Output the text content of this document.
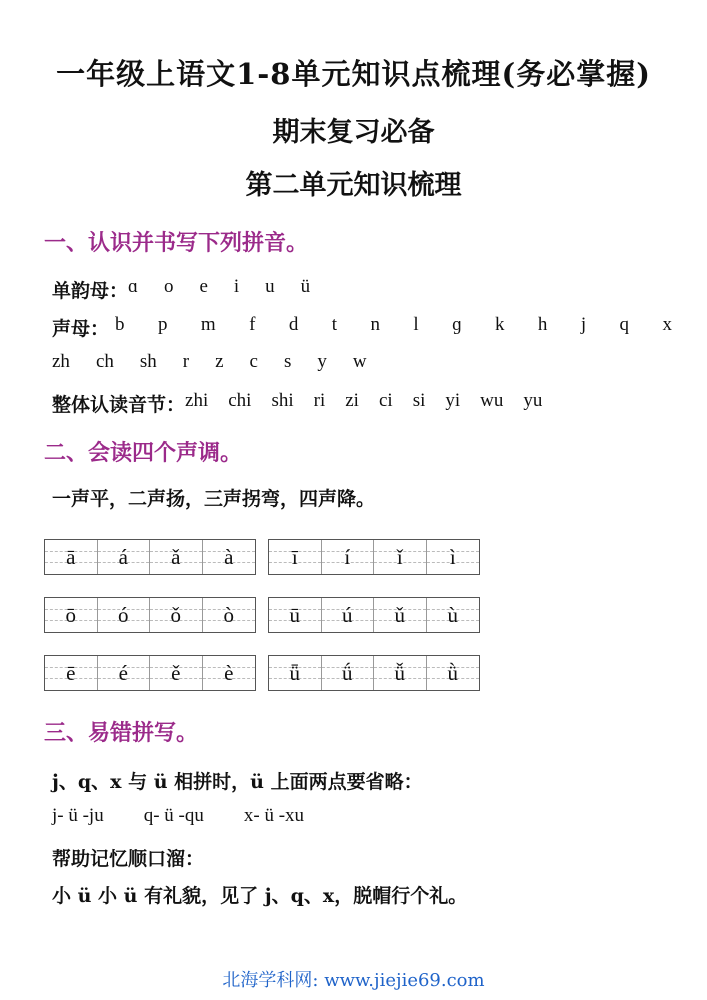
一年级上语文1-8单元知识点梳理(务必掌握)
期末复习必备
第二单元知识梳理
一、认识并书写下列拼音。
单韵母： ɑ o e i u ü
声母： b p m f d t n l ɡ k h j q x
zh ch sh r z c s y w
整体认读音节： zhi chi shi ri zi ci si yi wu yu
二、会读四个声调。
一声平，二声扬，三声拐弯，四声降。
ā á ǎ à	ī í ǐ ì
ō ó ǒ ò	ū ú ǔ ù
ē é ě è	ǖ ǘ ǚ ǜ
三、易错拼写。
j、q、x 与 ü 相拼时，ü 上面两点要省略：
j- ü -ju q- ü -qu x- ü -xu
帮助记忆顺口溜：
小 ü 小 ü 有礼貌，见了 j、q、x，脱帽行个礼。
北海学科网: www.jiejie69.com
